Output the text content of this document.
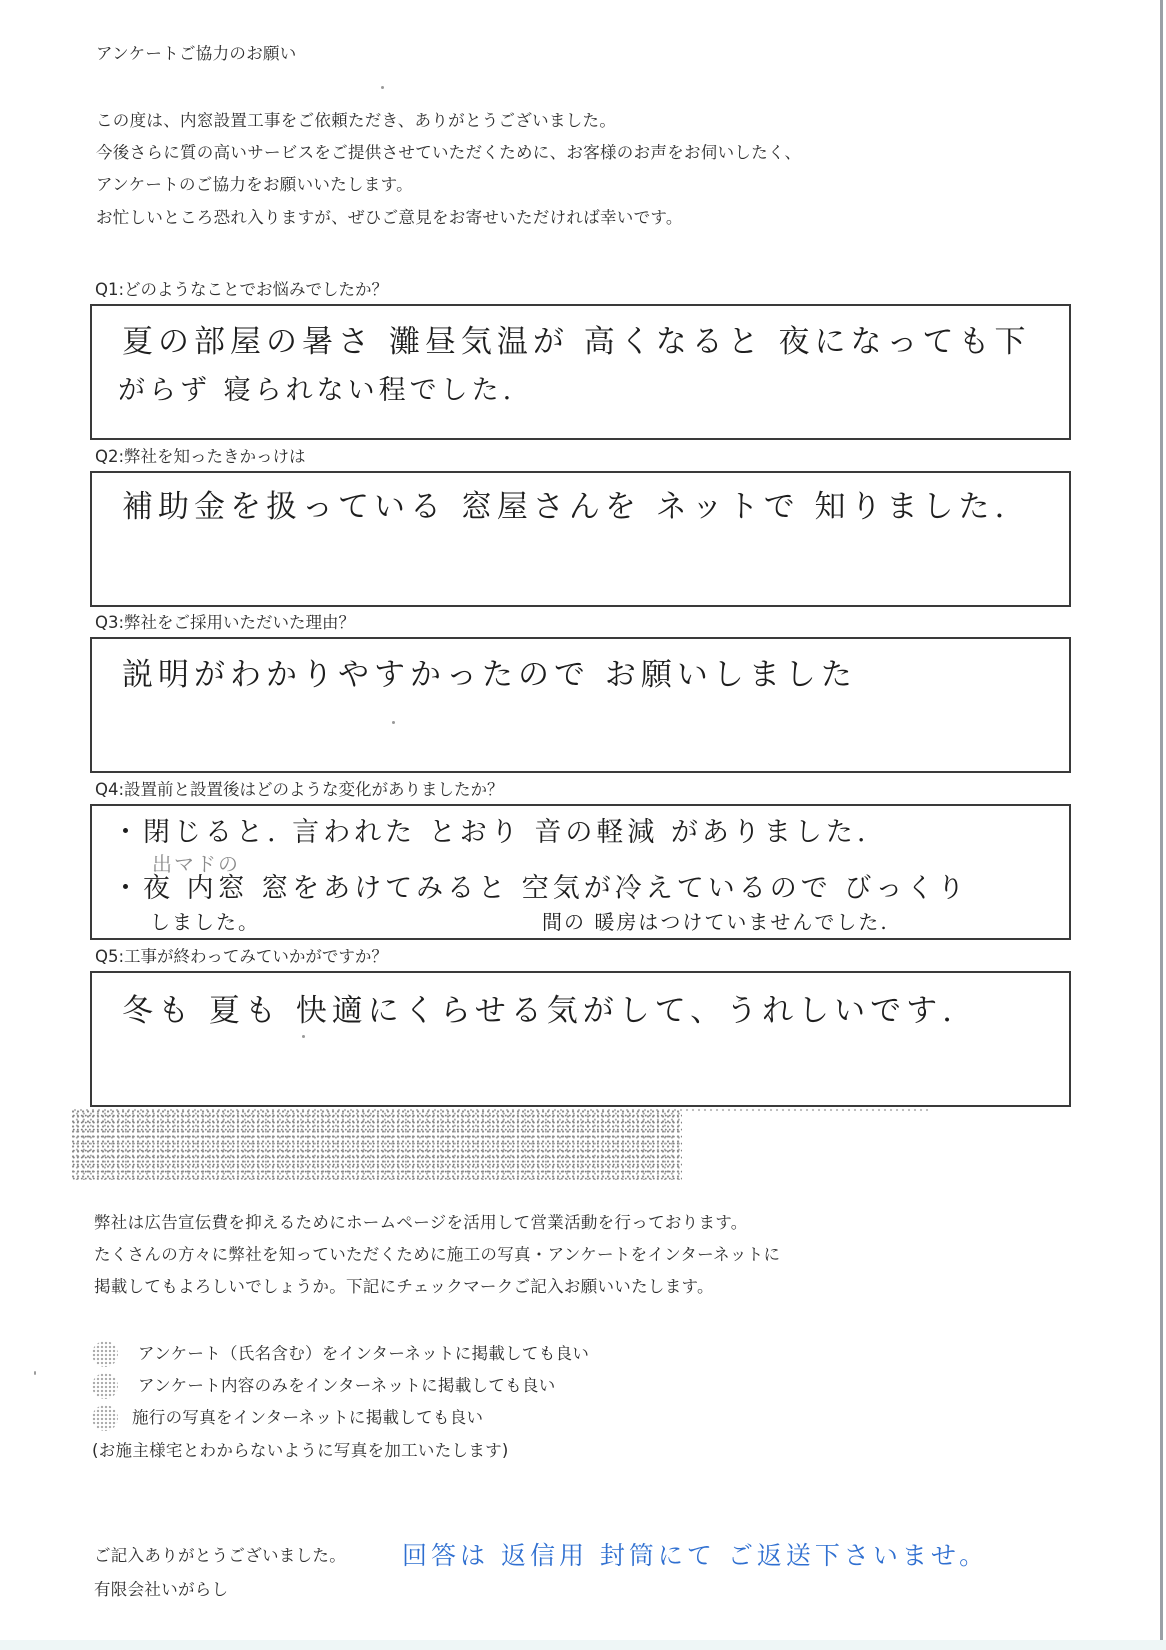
アンケートご協力のお願い
この度は、内窓設置工事をご依頼ただき、ありがとうございました。
今後さらに質の高いサービスをご提供させていただくために、お客様のお声をお伺いしたく、
アンケートのご協力をお願いいたします。
お忙しいところ恐れ入りますが、ぜひご意見をお寄せいただければ幸いです。
Q1:どのようなことでお悩みでしたか？
夏の部屋の暑さ 灘昼気温が 高くなると 夜になっても下
がらず 寝られない程でした.
Q2:弊社を知ったきかっけは
補助金を扱っている 窓屋さんを ネットで 知りました.
Q3:弊社をご採用いただいた理由？
説明がわかりやすかったので お願いしました
Q4:設置前と設置後はどのような変化がありましたか？
・閉じると. 言われた とおり 音の軽減 がありました.
出マドの
・夜 内窓 窓をあけてみると 空気が冷えているので びっくり
しました。	間の 暖房はつけていませんでした.
Q5:工事が終わってみていかがですか？
冬も 夏も 快適にくらせる気がして、うれしいです.
弊社は広告宣伝費を抑えるためにホームページを活用して営業活動を行っております。
たくさんの方々に弊社を知っていただくために施工の写真・アンケートをインターネットに
掲載してもよろしいでしょうか。下記にチェックマークご記入お願いいたします。
アンケート（氏名含む）をインターネットに掲載しても良い
アンケート内容のみをインターネットに掲載しても良い
施行の写真をインターネットに掲載しても良い
(お施主様宅とわからないように写真を加工いたします)
ご記入ありがとうございました。 回答は 返信用 封筒にて ご返送下さいませ。
有限会社いがらし
